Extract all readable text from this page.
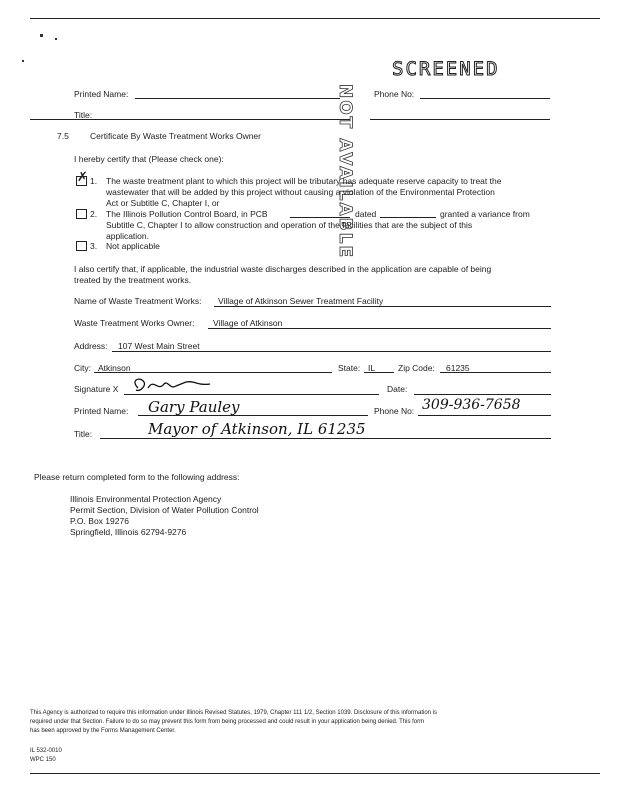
SCREENED
NOT AVAILABLE
Printed Name:	Phone No:
Title:
7.5 Certificate By Waste Treatment Works Owner
I hereby certify that (Please check one):
✗ 1. The waste treatment plant to which this project will be tributary has adequate reserve capacity to treat the
wastewater that will be added by this project without causing a violation of the Environmental Protection
Act or Subtitle C, Chapter I, or
2. The Illinois Pollution Control Board, in PCB	dated	granted a variance from
Subtitle C, Chapter I to allow construction and operation of the facilities that are the subject of this
application.
3. Not applicable
I also certify that, if applicable, the industrial waste discharges described in the application are capable of being
treated by the treatment works.
Name of Waste Treatment Works: Village of Atkinson Sewer Treatment Facility
Waste Treatment Works Owner: Village of Atkinson
Address: 107 West Main Street
City: Atkinson	State: IL	Zip Code: 61235
Signature X	Date:
Printed Name: Gary Pauley	Phone No: 309-936-7658
Title:	Mayor of Atkinson, IL 61235
Please return completed form to the following address:
Illinois Environmental Protection Agency
Permit Section, Division of Water Pollution Control
P.O. Box 19276
Springfield, Illinois 62794-9276
This Agency is authorized to require this information under Illinois Revised Statutes, 1979, Chapter 111 1/2, Section 1039. Disclosure of this information is
required under that Section. Failure to do so may prevent this form from being processed and could result in your application being denied. This form
has been approved by the Forms Management Center.
IL 532-0010
WPC 150
